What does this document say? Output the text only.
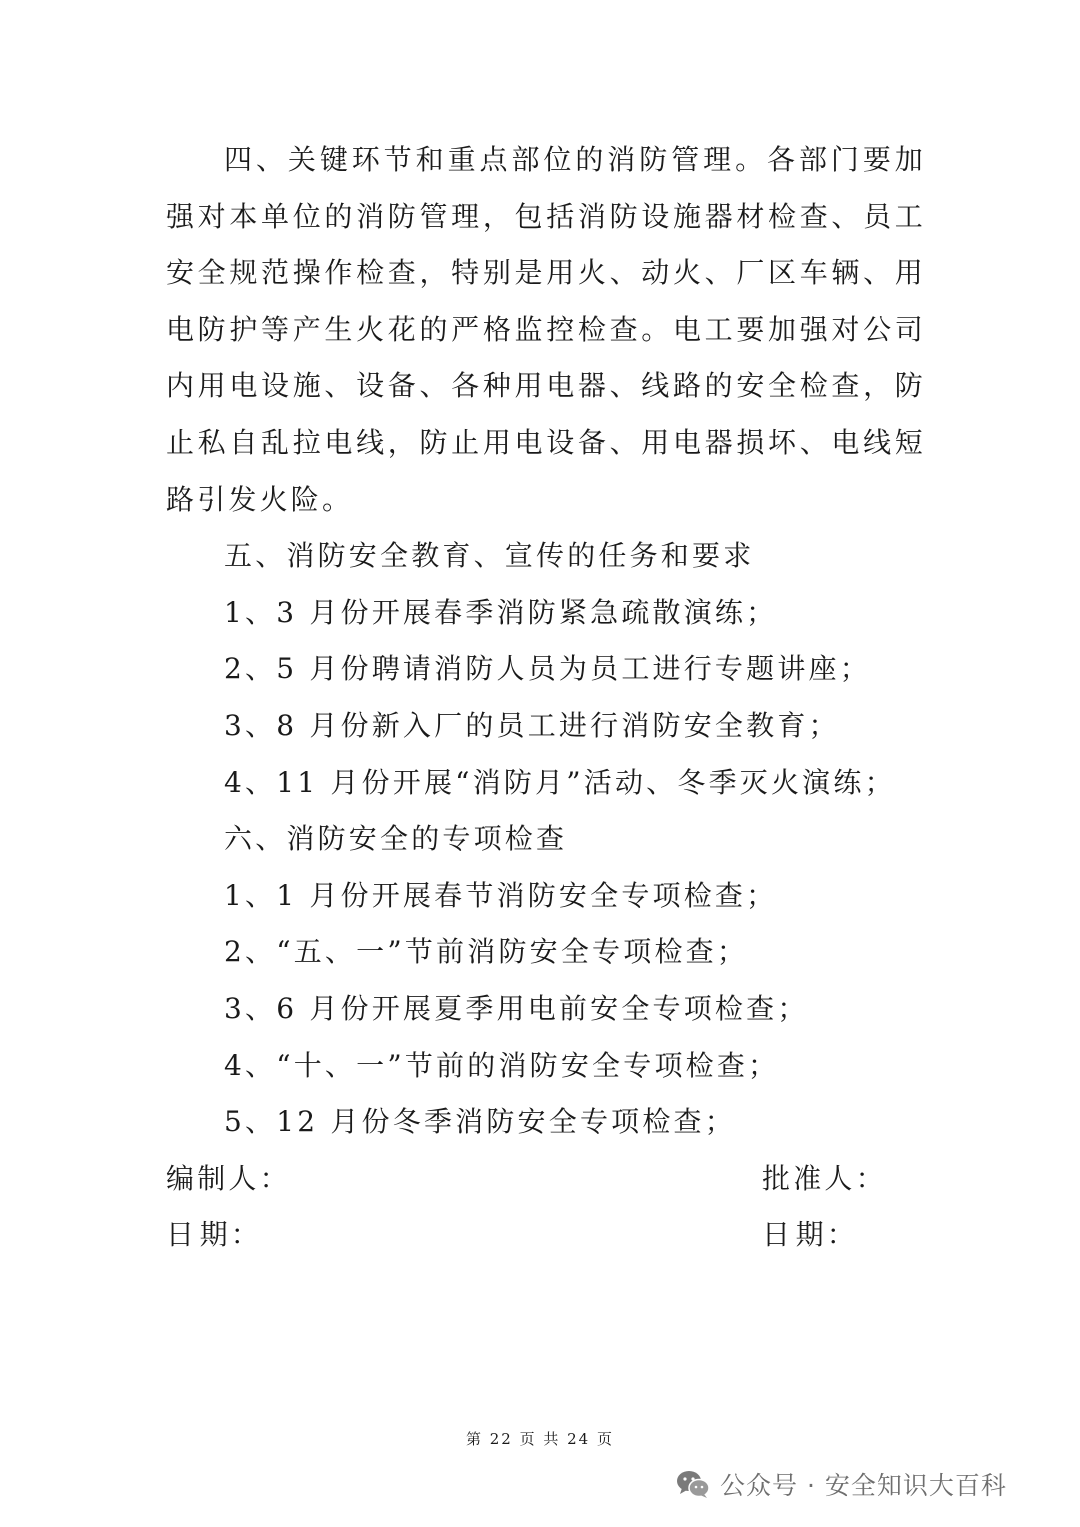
四、关键环节和重点部位的消防管理。各部门要加强对本单位的消防管理，包括消防设施器材检查、员工安全规范操作检查，特别是用火、动火、厂区车辆、用电防护等产生火花的严格监控检查。电工要加强对公司内用电设施、设备、各种用电器、线路的安全检查，防止私自乱拉电线，防止用电设备、用电器损坏、电线短路引发火险。

五、消防安全教育、宣传的任务和要求

1、3 月份开展春季消防紧急疏散演练；

2、5 月份聘请消防人员为员工进行专题讲座；

3、8 月份新入厂的员工进行消防安全教育；

4、11 月份开展“消防月”活动、冬季灭火演练；

六、消防安全的专项检查

1、1 月份开展春节消防安全专项检查；

2、“五、一”节前消防安全专项检查；

3、6 月份开展夏季用电前安全专项检查；

4、“十、一”节前的消防安全专项检查；

5、12 月份冬季消防安全专项检查；

编制人：	批准人：
日 期：	日 期：
第 22 页 共 24 页
公众号 · 安全知识大百科
